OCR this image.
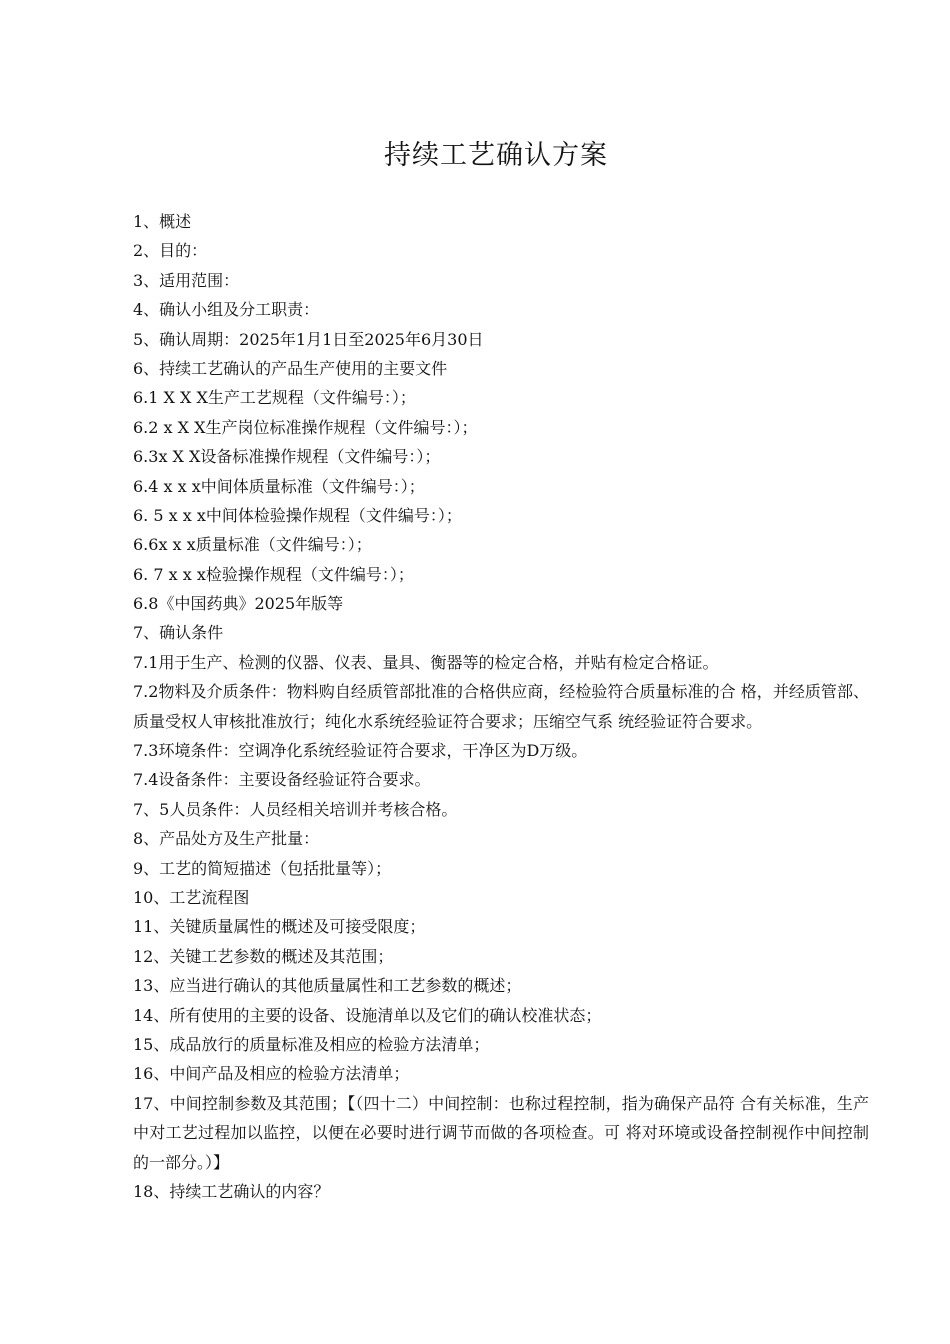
持续工艺确认方案
1、概述
2、目的：
3、适用范围：
4、确认小组及分工职责：
5、确认周期：2025年1月1日至2025年6月30日
6、持续工艺确认的产品生产使用的主要文件
6.1 X X X生产工艺规程（文件编号：）；
6.2 x X X生产岗位标准操作规程（文件编号：）；
6.3x X X设备标准操作规程（文件编号：）；
6.4 x x x中间体质量标准（文件编号：）；
6. 5 x x x中间体检验操作规程（文件编号：）；
6.6x x x质量标准（文件编号：）；
6. 7 x x x检验操作规程（文件编号：）；
6.8《中国药典》2025年版等
7、确认条件
7.1用于生产、检测的仪器、仪表、量具、衡器等的检定合格，并贴有检定合格证。
7.2物料及介质条件：物料购自经质管部批准的合格供应商，经检验符合质量标准的合 格，并经质管部、质量受权人审核批准放行；纯化水系统经验证符合要求；压缩空气系 统经验证符合要求。
7.3环境条件：空调净化系统经验证符合要求，干净区为D万级。
7.4设备条件：主要设备经验证符合要求。
7、5人员条件：人员经相关培训并考核合格。
8、产品处方及生产批量：
9、工艺的简短描述（包括批量等）；
10、工艺流程图
11、关键质量属性的概述及可接受限度；
12、关键工艺参数的概述及其范围；
13、应当进行确认的其他质量属性和工艺参数的概述；
14、所有使用的主要的设备、设施清单以及它们的确认校准状态；
15、成品放行的质量标准及相应的检验方法清单；
16、中间产品及相应的检验方法清单；
17、中间控制参数及其范围；【（四十二）中间控制：也称过程控制，指为确保产品符 合有关标准，生产中对工艺过程加以监控，以便在必要时进行调节而做的各项检查。可 将对环境或设备控制视作中间控制的一部分。）】
18、持续工艺确认的内容？
